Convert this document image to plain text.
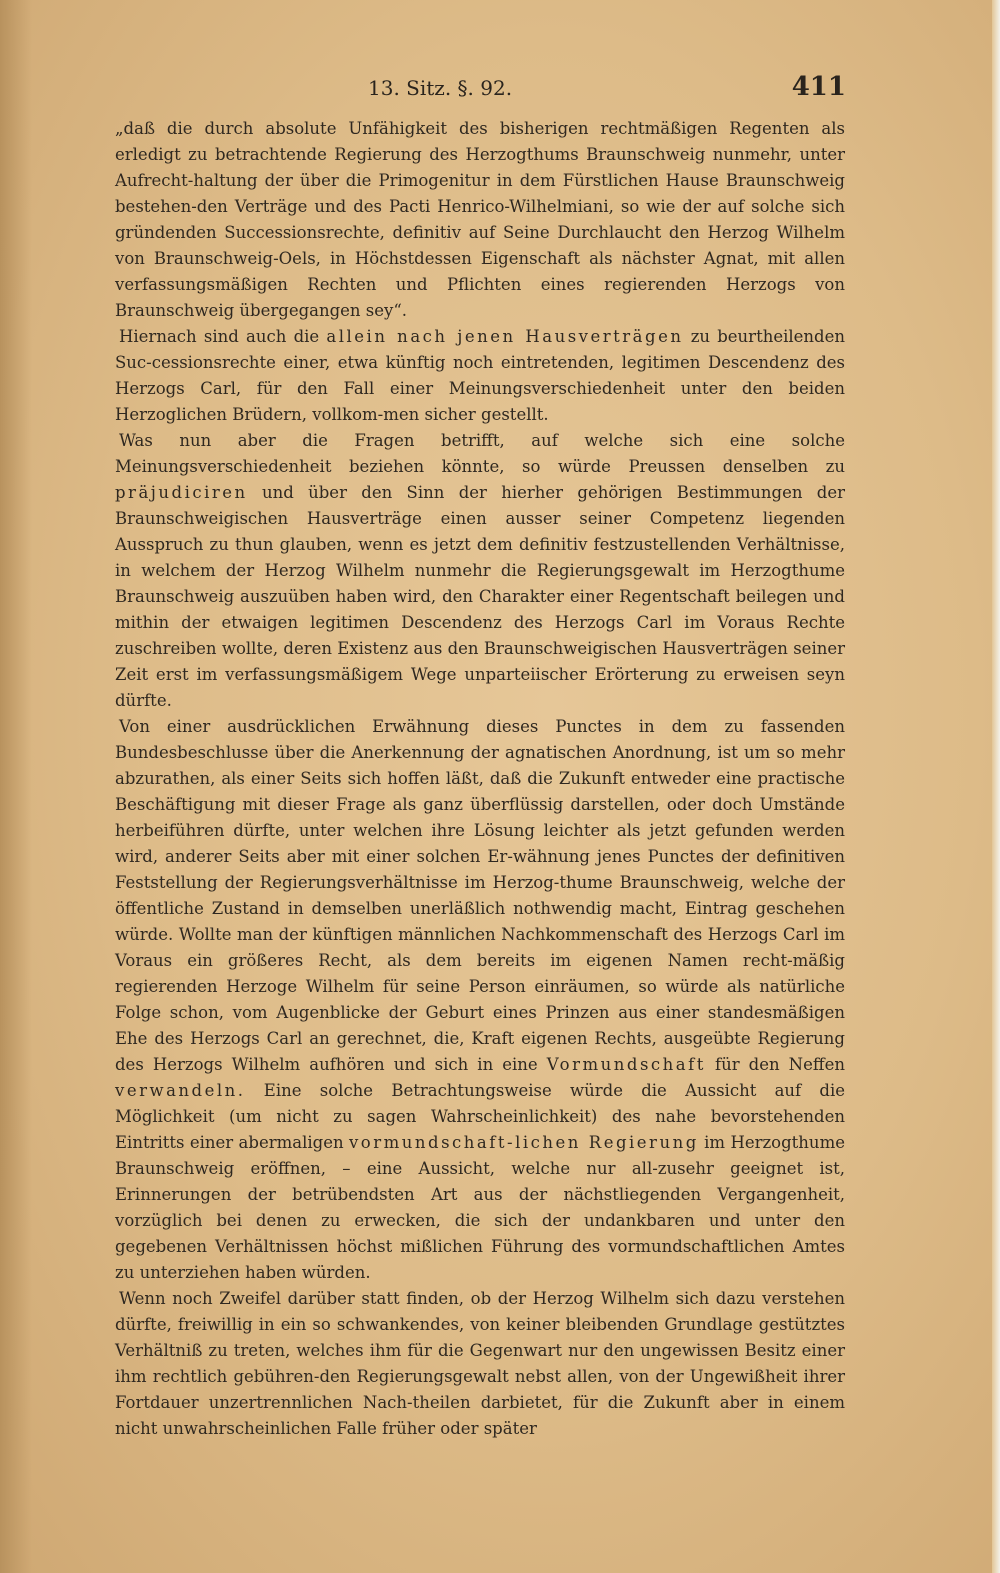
13. Sitz. §. 92.	411

„daß die durch absolute Unfähigkeit des bisherigen rechtmäßigen Regenten als erledigt zu betrachtende Regierung des Herzogthums Braunschweig nunmehr, unter Aufrecht-haltung der über die Primogenitur in dem Fürstlichen Hause Braunschweig bestehen-den Verträge und des Pacti Henrico-Wilhelmiani, so wie der auf solche sich gründenden Successionsrechte, definitiv auf Seine Durchlaucht den Herzog Wilhelm von Braunschweig-Oels, in Höchstdessen Eigenschaft als nächster Agnat, mit allen verfassungsmäßigen Rechten und Pflichten eines regierenden Herzogs von Braunschweig übergegangen sey“.

Hiernach sind auch die allein nach jenen Hausverträgen zu beurtheilenden Suc-cessionsrechte einer, etwa künftig noch eintretenden, legitimen Descendenz des Herzogs Carl, für den Fall einer Meinungsverschiedenheit unter den beiden Herzoglichen Brüdern, vollkom-men sicher gestellt.

Was nun aber die Fragen betrifft, auf welche sich eine solche Meinungsverschiedenheit beziehen könnte, so würde Preussen denselben zu präjudiciren und über den Sinn der hierher gehörigen Bestimmungen der Braunschweigischen Hausverträge einen ausser seiner Competenz liegenden Ausspruch zu thun glauben, wenn es jetzt dem definitiv festzustellenden Verhältnisse, in welchem der Herzog Wilhelm nunmehr die Regierungsgewalt im Herzogthume Braunschweig auszuüben haben wird, den Charakter einer Regentschaft beilegen und mithin der etwaigen legitimen Descendenz des Herzogs Carl im Voraus Rechte zuschreiben wollte, deren Existenz aus den Braunschweigischen Hausverträgen seiner Zeit erst im verfassungsmäßigem Wege unparteiischer Erörterung zu erweisen seyn dürfte.

Von einer ausdrücklichen Erwähnung dieses Punctes in dem zu fassenden Bundesbeschlusse über die Anerkennung der agnatischen Anordnung, ist um so mehr abzurathen, als einer Seits sich hoffen läßt, daß die Zukunft entweder eine practische Beschäftigung mit dieser Frage als ganz überflüssig darstellen, oder doch Umstände herbeiführen dürfte, unter welchen ihre Lösung leichter als jetzt gefunden werden wird, anderer Seits aber mit einer solchen Er-wähnung jenes Punctes der definitiven Feststellung der Regierungsverhältnisse im Herzog-thume Braunschweig, welche der öffentliche Zustand in demselben unerläßlich nothwendig macht, Eintrag geschehen würde. Wollte man der künftigen männlichen Nachkommenschaft des Herzogs Carl im Voraus ein größeres Recht, als dem bereits im eigenen Namen recht-mäßig regierenden Herzoge Wilhelm für seine Person einräumen, so würde als natürliche Folge schon, vom Augenblicke der Geburt eines Prinzen aus einer standesmäßigen Ehe des Herzogs Carl an gerechnet, die, Kraft eigenen Rechts, ausgeübte Regierung des Herzogs Wilhelm aufhören und sich in eine Vormundschaft für den Neffen verwandeln. Eine solche Betrachtungsweise würde die Aussicht auf die Möglichkeit (um nicht zu sagen Wahrscheinlichkeit) des nahe bevorstehenden Eintritts einer abermaligen vormundschaft-lichen Regierung im Herzogthume Braunschweig eröffnen, – eine Aussicht, welche nur all-zusehr geeignet ist, Erinnerungen der betrübendsten Art aus der nächstliegenden Vergangenheit, vorzüglich bei denen zu erwecken, die sich der undankbaren und unter den gegebenen Verhältnissen höchst mißlichen Führung des vormundschaftlichen Amtes zu unterziehen haben würden.

Wenn noch Zweifel darüber statt finden, ob der Herzog Wilhelm sich dazu verstehen dürfte, freiwillig in ein so schwankendes, von keiner bleibenden Grundlage gestütztes Verhältniß zu treten, welches ihm für die Gegenwart nur den ungewissen Besitz einer ihm rechtlich gebühren-den Regierungsgewalt nebst allen, von der Ungewißheit ihrer Fortdauer unzertrennlichen Nach-theilen darbietet, für die Zukunft aber in einem nicht unwahrscheinlichen Falle früher oder später
